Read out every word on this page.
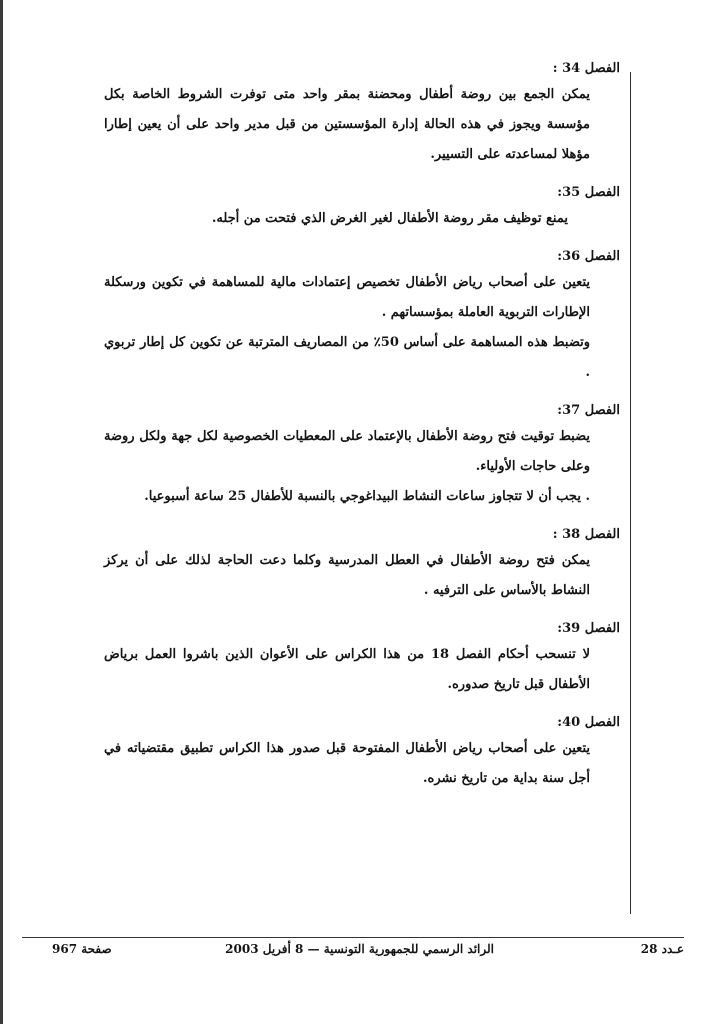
الفصل 34 :

يمكن الجمع بين روضة أطفال ومحضنة بمقر واحد متى توفرت الشروط الخاصة بكل مؤسسة ويجوز في هذه الحالة إدارة المؤسستين من قبل مدير واحد على أن يعين إطارا مؤهلا لمساعدته على التسيير.

الفصل 35:

يمنع توظيف مقر روضة الأطفال لغير الغرض الذي فتحت من أجله.

الفصل 36:

يتعين على أصحاب رياض الأطفال تخصيص إعتمادات مالية للمساهمة في تكوين ورسكلة الإطارات التربوية العاملة بمؤسساتهم .

وتضبط هذه المساهمة على أساس 50٪ من المصاريف المترتبة عن تكوين كل إطار تربوي .

الفصل 37:

يضبط توقيت فتح روضة الأطفال بالإعتماد على المعطيات الخصوصية لكل جهة ولكل روضة وعلى حاجات الأولياء.

. يجب أن لا تتجاوز ساعات النشاط البيداغوجي بالنسبة للأطفال 25 ساعة أسبوعيا.

الفصل 38 :

يمكن فتح روضة الأطفال في العطل المدرسية وكلما دعت الحاجة لذلك على أن يركز النشاط بالأساس على الترفيه .

الفصل 39:

لا تنسحب أحكام الفصل 18 من هذا الكراس على الأعوان الذين باشروا العمل برياض الأطفال قبل تاريخ صدوره.

الفصل 40:

يتعين على أصحاب رياض الأطفال المفتوحة قبل صدور هذا الكراس تطبيق مقتضياته في أجل سنة بداية من تاريخ نشره.

عـدد 28
الرائد الرسمي للجمهورية التونسية — 8 أفريل 2003
صفحة 967
